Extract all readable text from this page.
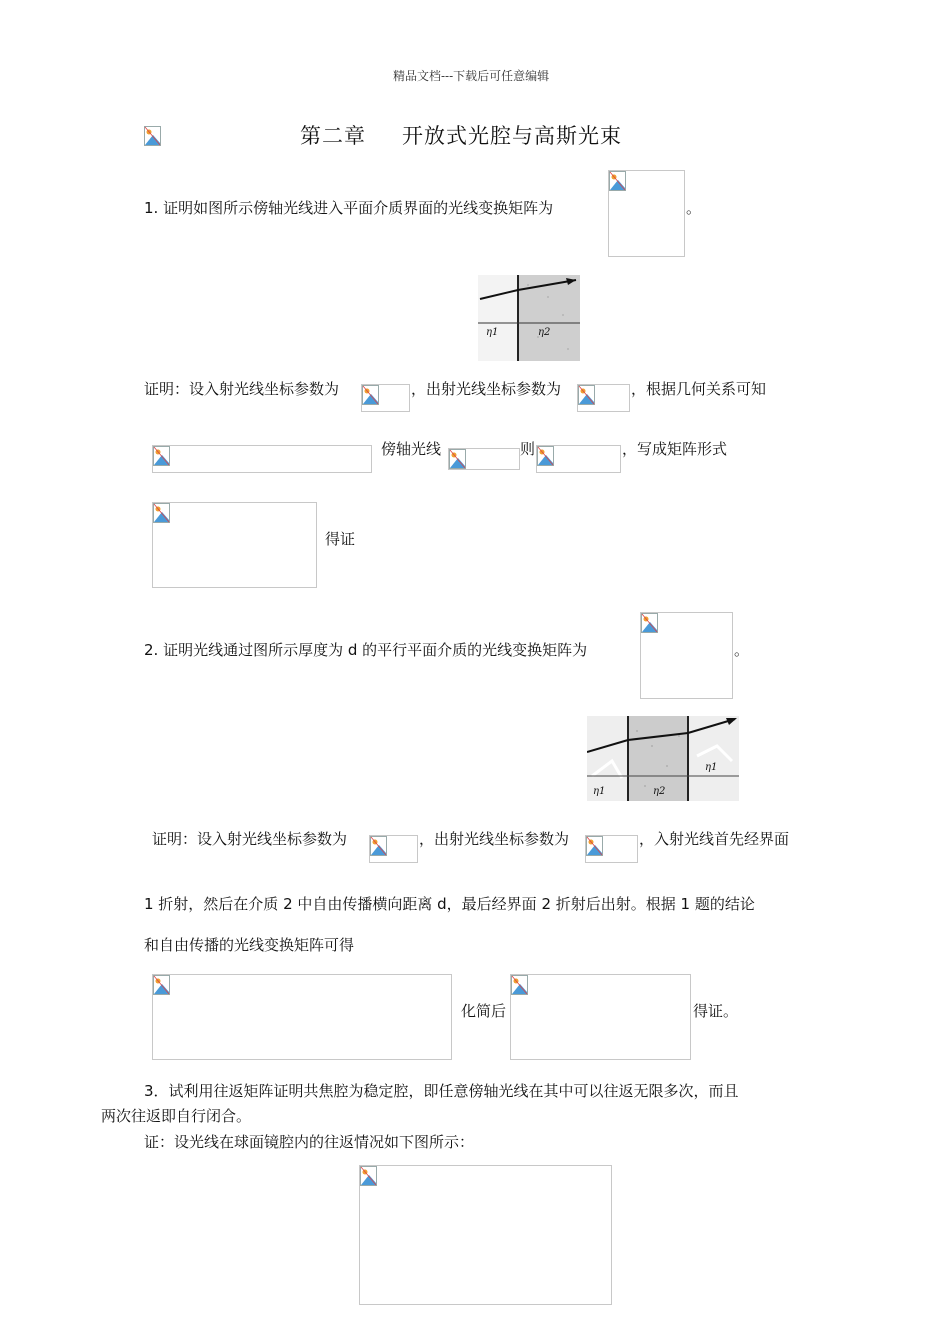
精品文档---下载后可任意编辑
第二章 开放式光腔与高斯光束
1. 证明如图所示傍轴光线进入平面介质界面的光线变换矩阵为	。
η1	η2
证明：设入射光线坐标参数为	，出射光线坐标参数为	，根据几何关系可知
傍轴光线	则	，写成矩阵形式
得证
2. 证明光线通过图所示厚度为 d 的平行平面介质的光线变换矩阵为	。
η1	η2
η1
证明：设入射光线坐标参数为	，出射光线坐标参数为	，入射光线首先经界面
1 折射，然后在介质 2 中自由传播横向距离 d，最后经界面 2 折射后出射。根据 1 题的结论
和自由传播的光线变换矩阵可得
化简后	得证。
3．试利用往返矩阵证明共焦腔为稳定腔，即任意傍轴光线在其中可以往返无限多次，而且
两次往返即自行闭合。
证：设光线在球面镜腔内的往返情况如下图所示：
